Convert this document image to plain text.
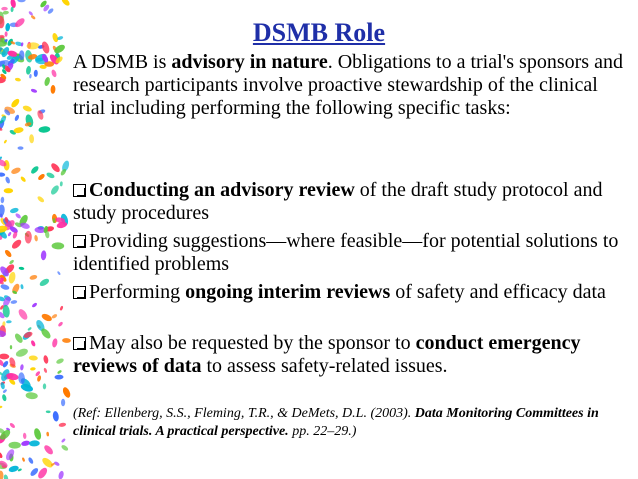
DSMB Role

A DSMB is advisory in nature. Obligations to a trial's sponsors and research participants involve proactive stewardship of the clinical trial including performing the following specific tasks:

Conducting an advisory review of the draft study protocol and study procedures

Providing suggestions—where feasible—for potential solutions to identified problems

Performing ongoing interim reviews of safety and efficacy data

May also be requested by the sponsor to conduct emergency reviews of data to assess safety-related issues.

(Ref: Ellenberg, S.S., Fleming, T.R., & DeMets, D.L. (2003). Data Monitoring Committees in clinical trials. A practical perspective. pp. 22–29.)
